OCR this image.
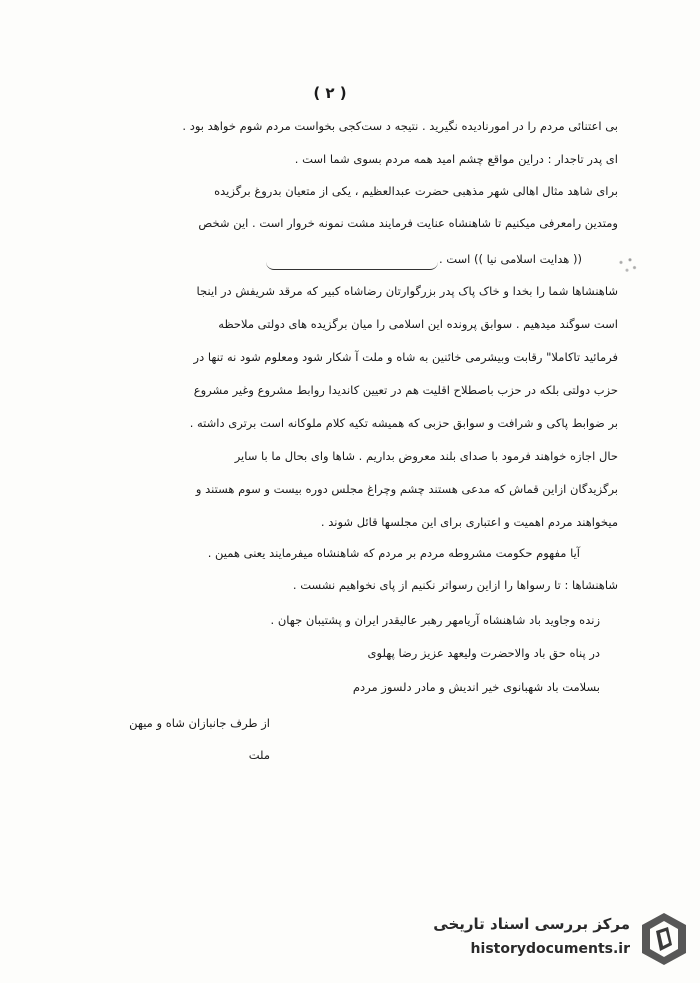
( ٢ )
بی اعتنائی مردم را در امورنادیده نگیرید . نتیجه د ست‌کجی بخواست مردم شوم خواهد بود .
ای پدر تاجدار : دراین مواقع چشم امید همه مردم بسوی شما است .
برای شاهد مثال اهالی شهر مذهبی حضرت عبدالعظیم ، یکی از متعیان بدروغ برگزیده
ومتدین رامعرفی میکنیم تا شاهنشاه عنایت فرمایند مشت نمونه خروار است . این شخص
(( هدایت اسلامی نیا )) است .
شاهنشاها شما را بخدا و خاک پاک پدر بزرگوارتان رضاشاه کبیر که مرقد شریفش در اینجا
است سوگند میدهیم . سوابق پرونده این اسلامی را میان برگزیده های دولتی ملاحظه
فرمائید تاکاملا" رقابت وبیشرمی خائنین به شاه و ملت آ شکار شود ومعلوم شود نه تنها در
حزب دولتی بلکه در حزب باصطلاح اقلیت هم در تعیین کاندیدا روابط مشروع وغیر مشروع
بر ضوابط پاکی و شرافت و سوابق حزبی که همیشه تکیه کلام ملوکانه است برتری داشته .
حال اجازه خواهند فرمود با صدای بلند معروض بداریم . شاها وای بحال ما با سایر
برگزیدگان ازاین قماش که مدعی هستند چشم وچراغ مجلس دوره بیست و سوم هستند و
میخواهند مردم اهمیت و اعتباری برای این مجلسها قائل شوند .
آیا مفهوم حکومت مشروطه مردم بر مردم که شاهنشاه میفرمایند یعنی همین .
شاهنشاها : تا رسواها را ازاین رسواتر نکنیم از پای نخواهیم نشست .
زنده وجاوید باد شاهنشاه آریامهر رهبر عالیقدر ایران و پشتیبان جهان .
در پناه حق باد والاحضرت ولیعهد عزیز رضا پهلوی
بسلامت باد شهبانوی خیر اندیش و مادر دلسوز مردم
از طرف جانبازان شاه و میهن
ملت
مرکز بررسی اسناد تاریخی
historydocuments.ir
